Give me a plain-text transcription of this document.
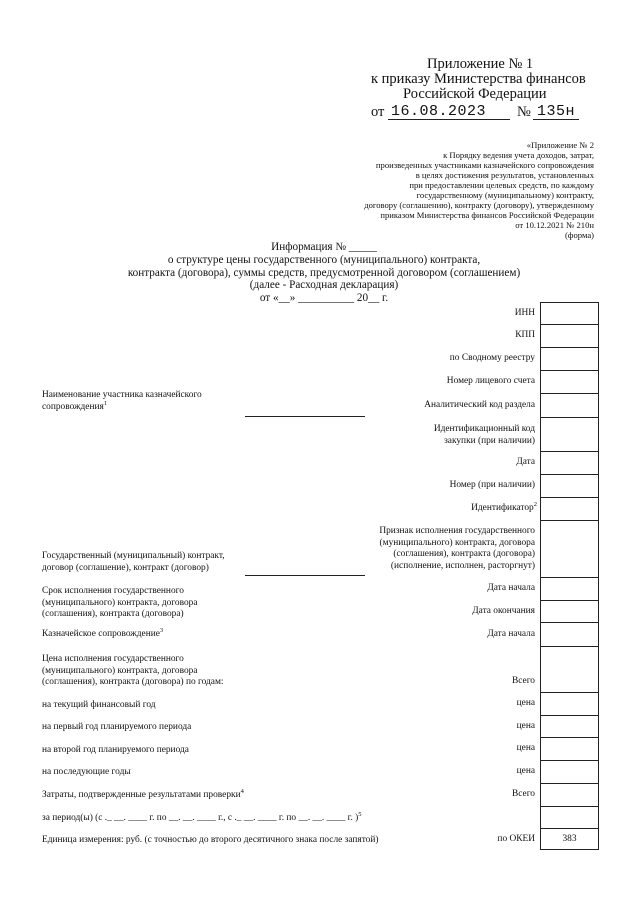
Приложение № 1
к приказу Министерства финансов
Российской Федерации
от 16.08.2023 № 135н
«Приложение № 2
к Порядку ведения учета доходов, затрат,
произведенных участниками казначейского сопровождения
в целях достижения результатов, установленных
при предоставлении целевых средств, по каждому
государственному (муниципальному) контракту,
договору (соглашению), контракту (договору), утвержденному
приказом Министерства финансов Российской Федерации
от 10.12.2021 № 210н
(форма)
Информация № _____
о структуре цены государственного (муниципального) контракта,
контракта (договора), суммы средств, предусмотренной договором (соглашением)
(далее - Расходная декларация)
от «__» __________ 20__ г.
ИНН
КПП
по Сводному реестру
Номер лицевого счета
Аналитический код раздела
Идентификационный код
закупки (при наличии)
Дата
Номер (при наличии)
Идентификатор$^2$
Признак исполнения государственного
(муниципального) контракта, договора
(соглашения), контракта (договора)
(исполнение, исполнен, расторгнут)
Дата начала
Дата окончания
Дата начала
Всего
цена
цена
цена
цена
Всего
по ОКЕИ	383
Наименование участника казначейского
сопровождения$^1$
Государственный (муниципальный) контракт,
договор (соглашение), контракт (договор)
Срок исполнения государственного
(муниципального) контракта, договора
(соглашения), контракта (договора)
Казначейское сопровождение$^3$
Цена исполнения государственного
(муниципального) контракта, договора
(соглашения), контракта (договора) по годам:
на текущий финансовый год
на первый год планируемого периода
на второй год планируемого периода
на последующие годы
Затраты, подтвержденные результатами проверки$^4$
за период(ы) (с ._ __. ____ г. по __. __. ____ г., с ._ __. ____ г. по __. __. ____ г. )$^5$
Единица измерения: руб. (с точностью до второго десятичного знака после запятой)
